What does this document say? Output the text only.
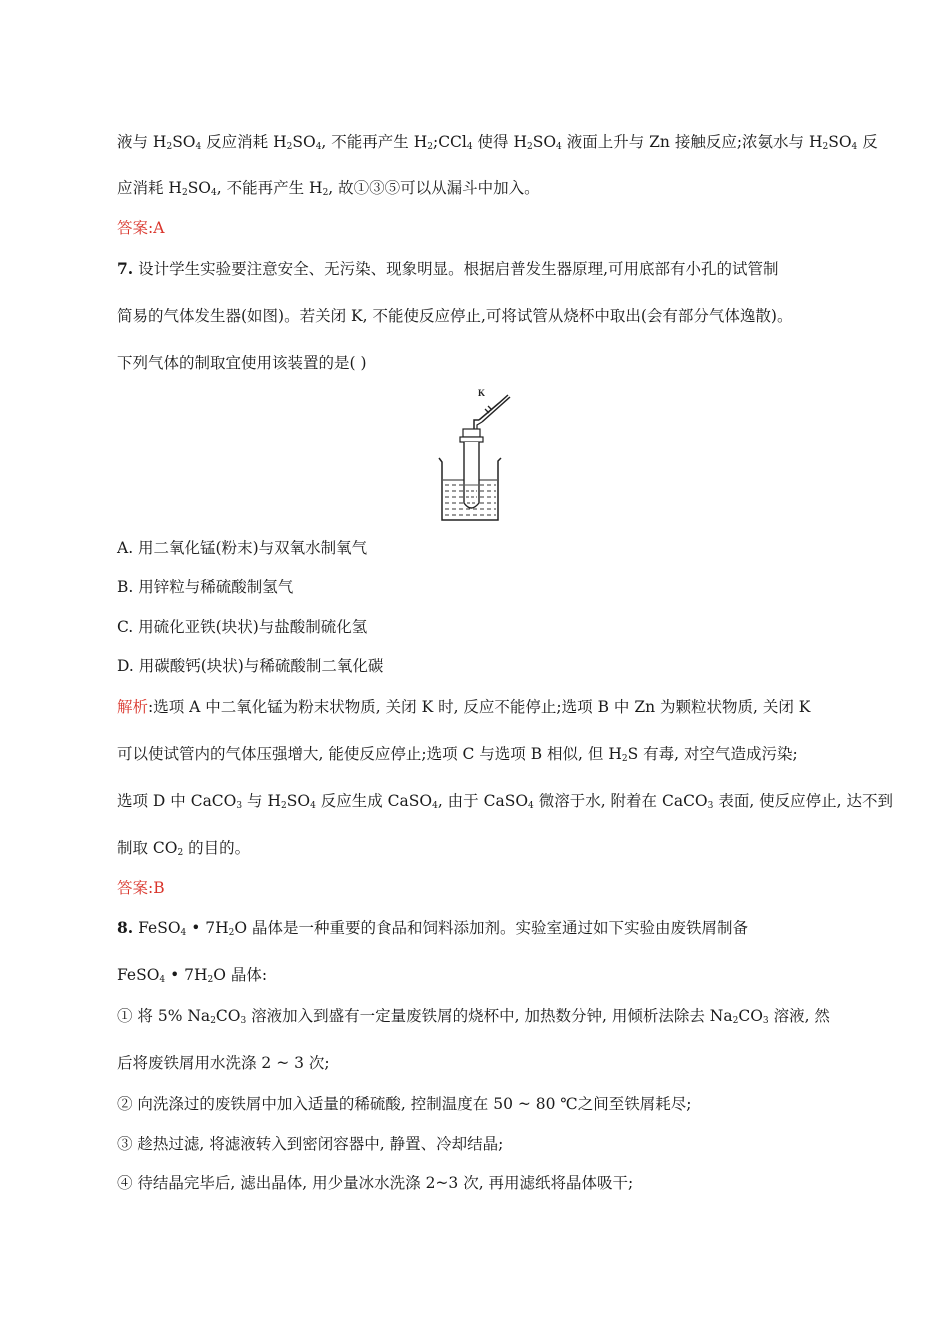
液与 $H_2SO_4$ 反应消耗 $H_2SO_4$, 不能再产生 $H_2;CCl_4$ 使得 $H_2SO_4$ 液面上升与 Zn 接触反应;浓氨水与 $H_2SO_4$ 反
应消耗 $H_2SO_4$, 不能再产生 $H_2$, 故①③⑤可以从漏斗中加入。
答案:A
7. 设计学生实验要注意安全、无污染、现象明显。根据启普发生器原理,可用底部有小孔的试管制
简易的气体发生器(如图)。若关闭 K, 不能使反应停止,可将试管从烧杯中取出(会有部分气体逸散)。
下列气体的制取宜使用该装置的是( )
K
A. 用二氧化锰(粉末)与双氧水制氧气
B. 用锌粒与稀硫酸制氢气
C. 用硫化亚铁(块状)与盐酸制硫化氢
D. 用碳酸钙(块状)与稀硫酸制二氧化碳
解析:选项 A 中二氧化锰为粉末状物质, 关闭 K 时, 反应不能停止;选项 B 中 Zn 为颗粒状物质, 关闭 K
可以使试管内的气体压强增大, 能使反应停止;选项 C 与选项 B 相似, 但 $H_2S$ 有毒, 对空气造成污染;
选项 D 中 CaCO$_3$ 与 $H_2SO_4$ 反应生成 CaSO$_4$, 由于 CaSO$_4$ 微溶于水, 附着在 CaCO$_3$ 表面, 使反应停止, 达不到
制取 $CO_2$ 的目的。
答案:B
8. FeSO$_4$ • $7H_2O$ 晶体是一种重要的食品和饲料添加剂。实验室通过如下实验由废铁屑制备
FeSO$_4$ • $7H_2O$ 晶体:
① 将 5% $Na_2CO_3$ 溶液加入到盛有一定量废铁屑的烧杯中, 加热数分钟, 用倾析法除去 $Na_2CO_3$ 溶液, 然
后将废铁屑用水洗涤 2 ~ 3 次;
② 向洗涤过的废铁屑中加入适量的稀硫酸, 控制温度在 50 ~ 80 ℃之间至铁屑耗尽;
③ 趁热过滤, 将滤液转入到密闭容器中, 静置、冷却结晶;
④ 待结晶完毕后, 滤出晶体, 用少量冰水洗涤 2~3 次, 再用滤纸将晶体吸干;
